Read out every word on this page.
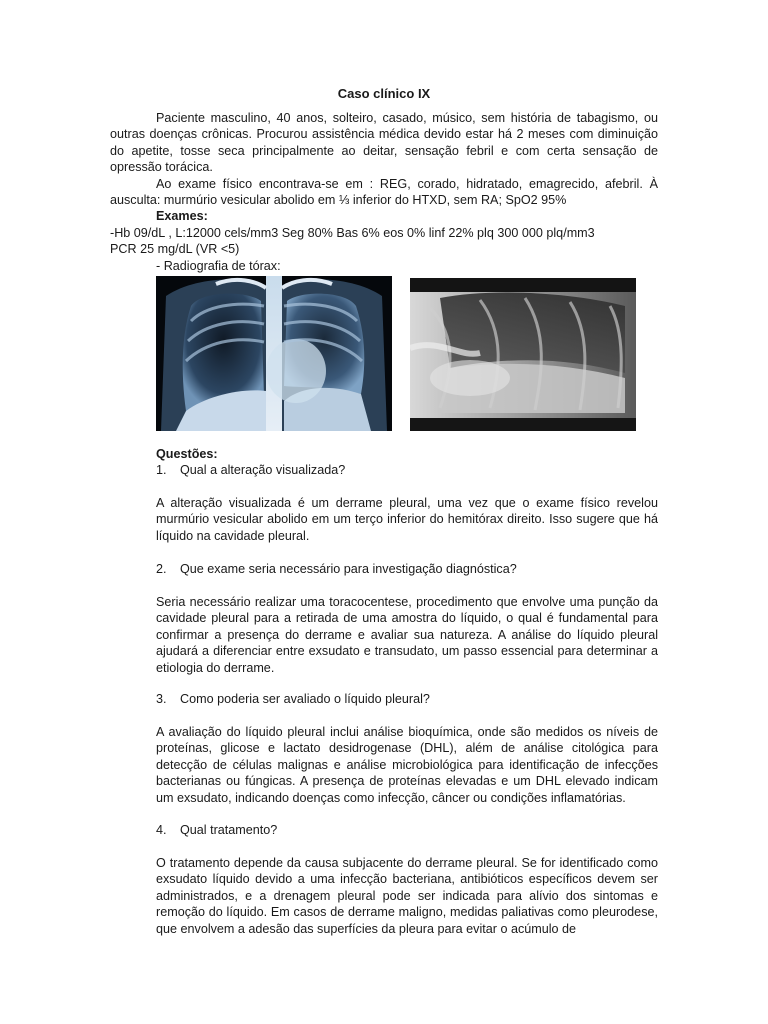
Caso clínico IX

Paciente masculino, 40 anos, solteiro, casado, músico, sem história de tabagismo, ou outras doenças crônicas. Procurou assistência médica devido estar há 2 meses com diminuição do apetite, tosse seca principalmente ao deitar, sensação febril e com certa sensação de opressão torácica.

Ao exame físico encontrava-se em : REG, corado, hidratado, emagrecido, afebril. À ausculta: murmúrio vesicular abolido em ⅓ inferior do HTXD, sem RA; SpO2 95%

Exames:

-Hb 09/dL , L:12000 cels/mm3 Seg 80% Bas 6% eos 0% linf 22% plq 300 000 plq/mm3

PCR 25 mg/dL (VR <5)

- Radiografia de tórax:

Questões:
1. Qual a alteração visualizada?
A alteração visualizada é um derrame pleural, uma vez que o exame físico revelou murmúrio vesicular abolido em um terço inferior do hemitórax direito. Isso sugere que há líquido na cavidade pleural.
2. Que exame seria necessário para investigação diagnóstica?
Seria necessário realizar uma toracocentese, procedimento que envolve uma punção da cavidade pleural para a retirada de uma amostra do líquido, o qual é fundamental para confirmar a presença do derrame e avaliar sua natureza. A análise do líquido pleural ajudará a diferenciar entre exsudato e transudato, um passo essencial para determinar a etiologia do derrame.
3. Como poderia ser avaliado o líquido pleural?
A avaliação do líquido pleural inclui análise bioquímica, onde são medidos os níveis de proteínas, glicose e lactato desidrogenase (DHL), além de análise citológica para detecção de células malignas e análise microbiológica para identificação de infecções bacterianas ou fúngicas. A presença de proteínas elevadas e um DHL elevado indicam um exsudato, indicando doenças como infecção, câncer ou condições inflamatórias.
4. Qual tratamento?
O tratamento depende da causa subjacente do derrame pleural. Se for identificado como exsudato líquido devido a uma infecção bacteriana, antibióticos específicos devem ser administrados, e a drenagem pleural pode ser indicada para alívio dos sintomas e remoção do líquido. Em casos de derrame maligno, medidas paliativas como pleurodese, que envolvem a adesão das superfícies da pleura para evitar o acúmulo de
